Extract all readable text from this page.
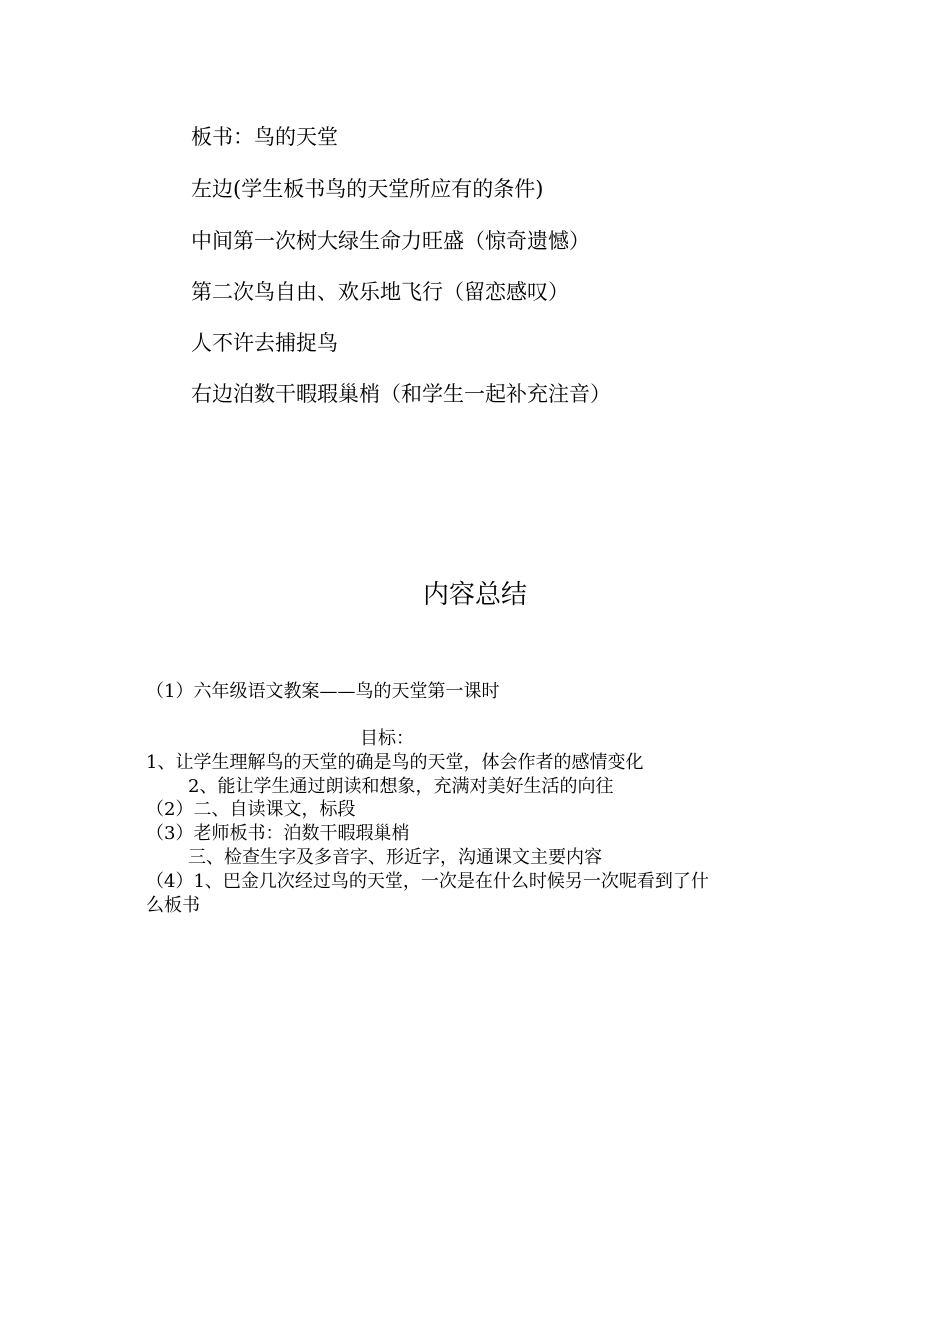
板书：鸟的天堂
左边(学生板书鸟的天堂所应有的条件)
中间第一次树大绿生命力旺盛（惊奇遗憾）
第二次鸟自由、欢乐地飞行（留恋感叹）
人不许去捕捉鸟
右边泊数干暇瑕巢梢（和学生一起补充注音）
内容总结
（1）六年级语文教案——鸟的天堂第一课时
目标：
1、让学生理解鸟的天堂的确是鸟的天堂，体会作者的感情变化
2、能让学生通过朗读和想象，充满对美好生活的向往
（2）二、自读课文，标段
（3）老师板书：泊数干暇瑕巢梢
三、检查生字及多音字、形近字，沟通课文主要内容
（4）1、巴金几次经过鸟的天堂，一次是在什么时候另一次呢看到了什
么板书
